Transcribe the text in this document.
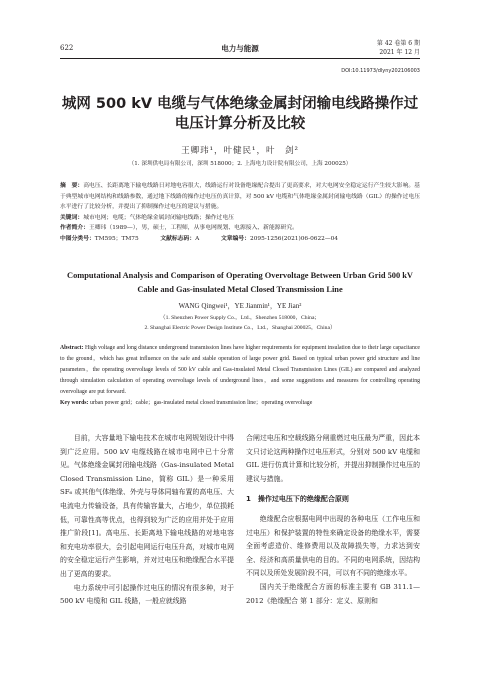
622	电力与能源
第 42 卷第 6 期
2021 年 12 月
DOI:10.11973/dlyny202106003
城网 500 kV 电缆与气体绝缘金属封闭输电线路操作过电压计算分析及比较
王卿玮¹，叶健民¹，叶　剑²
（1. 深圳供电局有限公司，深圳 518000；2. 上海电力设计院有限公司，上海 200025）
摘　要：高电压、长距离地下输电线路日对地电容很大，线路运行对设备绝缘配合提出了更高要求，对大电网安全稳定运行产生较大影响。基于典型城市电网结构和线路参数，通过地下线路的操作过电压仿真计算，对 500 kV 电缆和气体绝缘金属封闭输电线路（GIL）的操作过电压水平进行了比较分析，并提出了抑制操作过电压的建议与措施。
关键词：城市电网；电缆；气体绝缘金属封闭输电线路；操作过电压
作者简介：王卿玮（1989—），男，硕士，工程师，从事电网规划、电源接入、新能源研究。
中图分类号：TM595；TM75	文献标志码：A	文章编号：2095-1256(2021)06-0622—04
Computational Analysis and Comparison of Operating Overvoltage Between Urban Grid 500 kV Cable and Gas-insulated Metal Closed Transmission Line
WANG Qingwei¹，YE Jianmin¹，YE Jian²
（1. Shenzhen Power Supply Co.，Ltd.，Shenzhen 518000，China；
2. Shanghai Electric Power Design Institute Co.，Ltd.，Shanghai 200025，China）
Abstract: High voltage and long distance underground transmission lines have higher requirements for equipment insulation due to their large capacitance to the ground，which has great influence on the safe and stable operation of large power grid. Based on typical urban power grid structure and line parameters，the operating overvoltage levels of 500 kV cable and Gas-insulated Metal Closed Transmission Lines (GIL) are compared and analyzed through simulation calculation of operating overvoltage levels of underground lines，and some suggestions and measures for controlling operating overvoltage are put forward.
Key words: urban power grid；cable；gas-insulated metal closed transmission line；operating overvoltage

目前，大容量地下输电技术在城市电网规划设计中得到广泛应用。500 kV 电缆线路在城市电网中已十分常见。气体绝缘金属封闭输电线路（Gas-insulated Metal Closed Transmission Line，简称 GIL）是一种采用 SF₆ 或其他气体绝缘、外壳与导体同轴布置的高电压、大电流电力传输设备，具有传输容量大，占地少，单位损耗低，可靠性高等优点，也得到较为广泛的应用并处于应用推广阶段[1]。高电压、长距离地下输电线路的对地电容和充电功率很大，会引起电网运行电压升高，对城市电网的安全稳定运行产生影响，并对过电压和绝缘配合水平提出了更高的要求。

电力系统中可引起操作过电压的情况有很多种，对于 500 kV 电缆和 GIL 线路，一般应就线路

合闸过电压和空载线路分闸重燃过电压最为严重，因此本文只讨论这两种操作过电压形式，分别对 500 kV 电缆和 GIL 进行仿真计算和比较分析，并提出抑制操作过电压的建议与措施。

1　操作过电压下的绝缘配合原则

绝缘配合应根据电网中出现的各种电压（工作电压和过电压）和保护装置的特性来确定设备的绝缘水平，需要全面考虑造价、维修费用以及故障损失等，力求达到安全、经济和高质量供电的目的。不同的电网系统，因结构不同以及所处发展阶段不同，可以有不同的绝缘水平。

国内关于绝缘配合方面的标准主要有 GB 311.1—2012《绝缘配合 第 1 部分：定义、原则和
